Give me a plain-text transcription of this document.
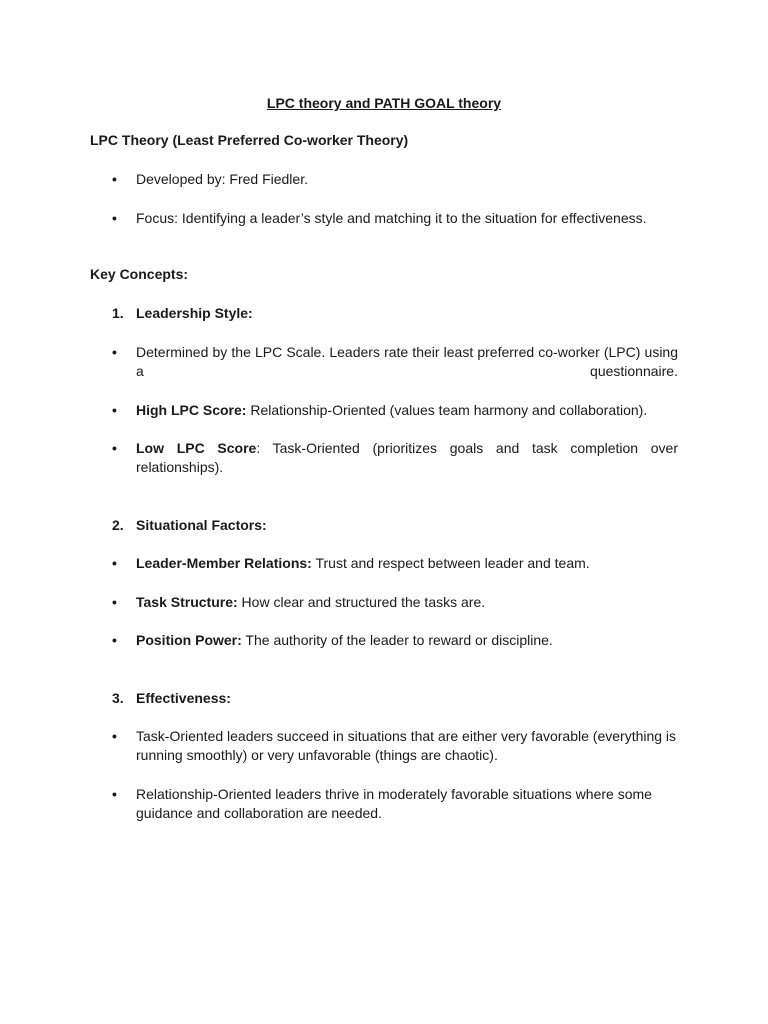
LPC theory and PATH GOAL theory
LPC Theory (Least Preferred Co-worker Theory)
• Developed by: Fred Fiedler.
• Focus: Identifying a leader’s style and matching it to the situation for effectiveness.
Key Concepts:
1. Leadership Style:
• Determined by the LPC Scale. Leaders rate their least preferred co-worker (LPC) using a questionnaire.
• High LPC Score: Relationship-Oriented (values team harmony and collaboration).
• Low LPC Score: Task-Oriented (prioritizes goals and task completion over relationships).
2. Situational Factors:
• Leader-Member Relations: Trust and respect between leader and team.
• Task Structure: How clear and structured the tasks are.
• Position Power: The authority of the leader to reward or discipline.
3. Effectiveness:
• Task-Oriented leaders succeed in situations that are either very favorable (everything is running smoothly) or very unfavorable (things are chaotic).
• Relationship-Oriented leaders thrive in moderately favorable situations where some guidance and collaboration are needed.
